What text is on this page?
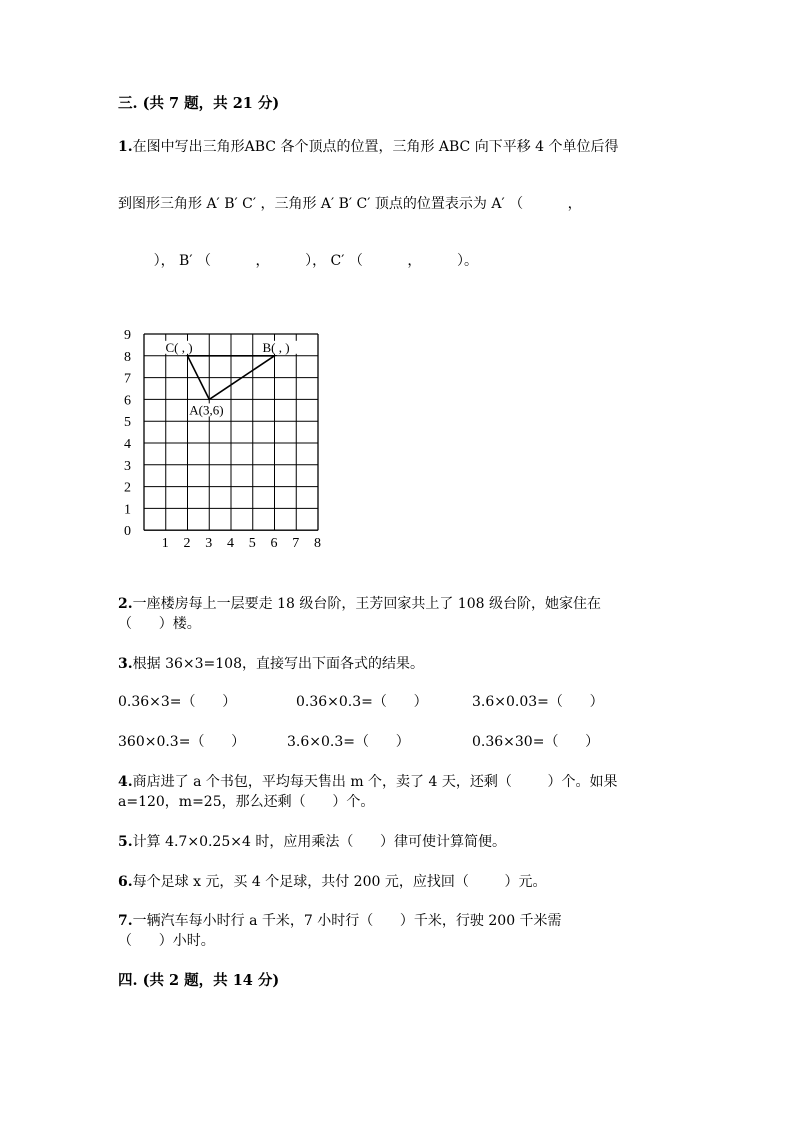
三. (共 7 题，共 21 分)
1.在图中写出三角形ABC 各个顶点的位置，三角形 ABC 向下平移 4 个单位后得
到图形三角形 A′ B′ C′ ，三角形 A′ B′ C′ 顶点的位置表示为 A′ （          ，
）， B′ （          ，        ）， C′ （          ，        ）。
0
1
2
3
4
5
6
7
8
9
1 2 3 4 5 6 7 8
A(3,6)
B( , )
C( , )
2.一座楼房每上一层要走 18 级台阶，王芳回家共上了 108 级台阶，她家住在
（      ）楼。
3.根据 36×3=108，直接写出下面各式的结果。
0.36×3=（      ）	0.36×0.3=（      ）	3.6×0.03=（      ）
360×0.3=（      ）	3.6×0.3=（      ）	0.36×30=（      ）
4.商店进了 a 个书包，平均每天售出 m 个，卖了 4 天，还剩（        ）个。如果
a=120，m=25，那么还剩（      ）个。
5.计算 4.7×0.25×4 时，应用乘法（      ）律可使计算简便。
6.每个足球 x 元，买 4 个足球，共付 200 元，应找回（        ）元。
7.一辆汽车每小时行 a 千米，7 小时行（      ）千米，行驶 200 千米需
（      ）小时。
四. (共 2 题，共 14 分)
